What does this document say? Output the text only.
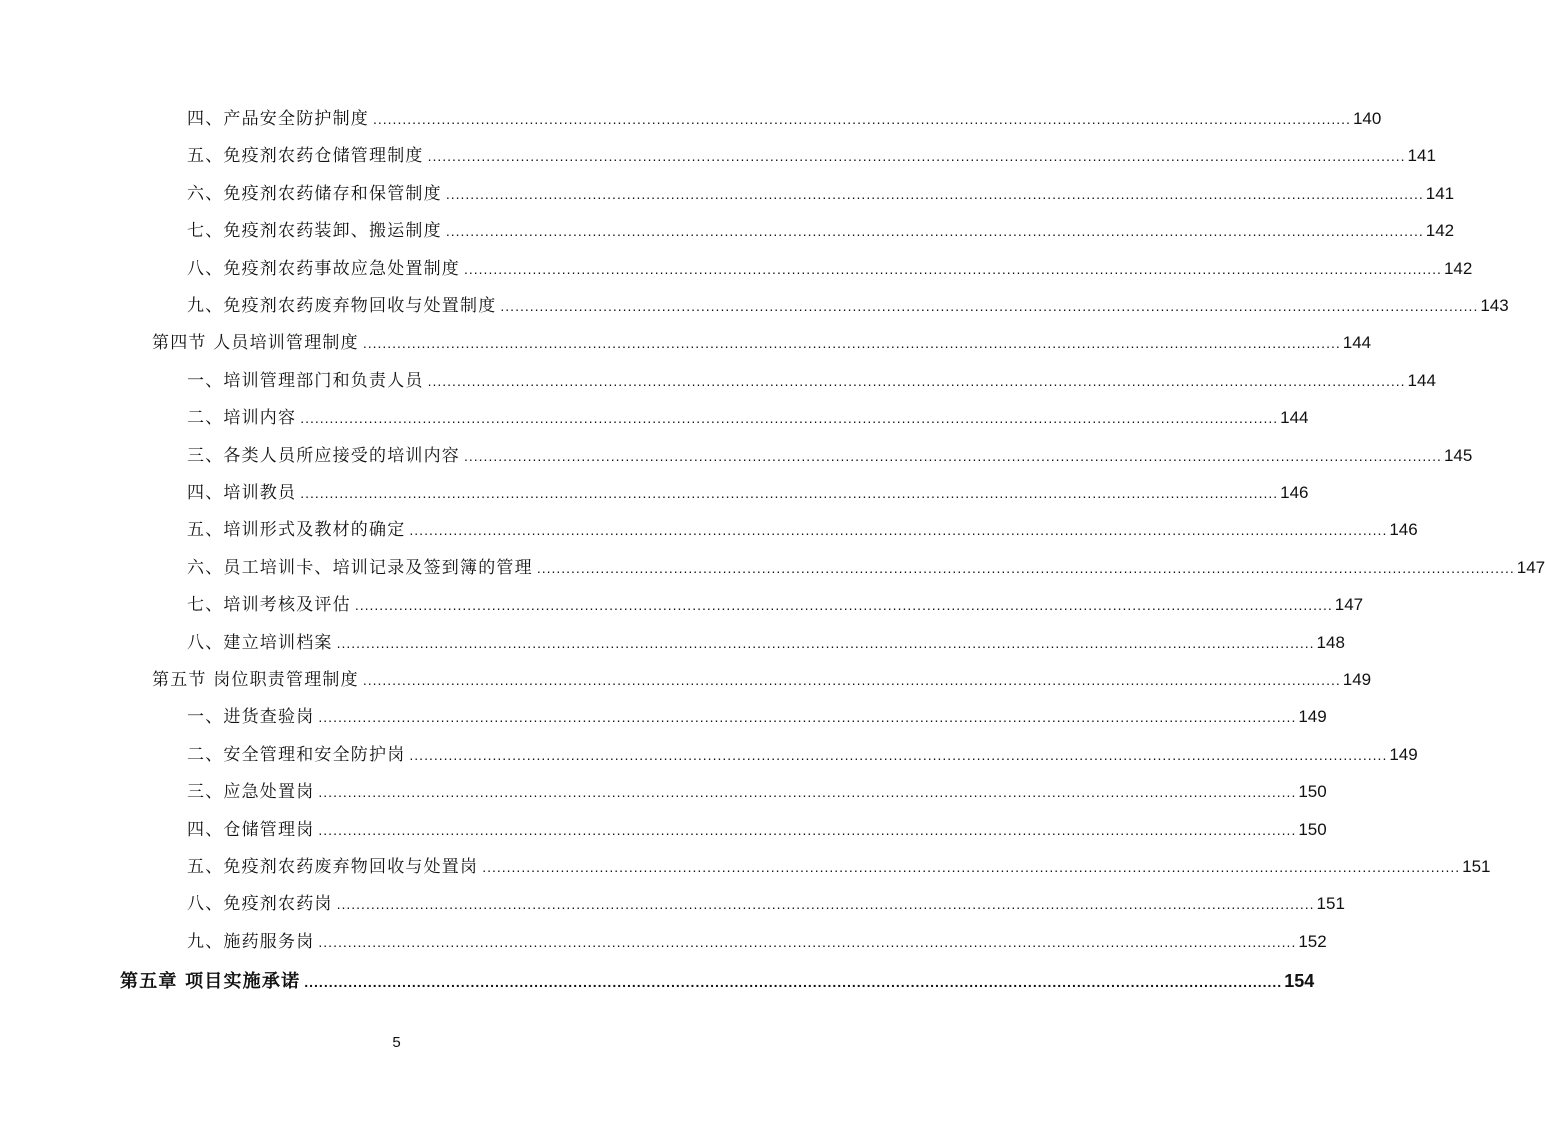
四、产品安全防护制度 ........................................................................................................................................................................................................ 140
五、免疫剂农药仓储管理制度 ........................................................................................................................................................................................................ 141
六、免疫剂农药储存和保管制度 ........................................................................................................................................................................................................ 141
七、免疫剂农药装卸、搬运制度 ........................................................................................................................................................................................................ 142
八、免疫剂农药事故应急处置制度 ........................................................................................................................................................................................................ 142
九、免疫剂农药废弃物回收与处置制度 ........................................................................................................................................................................................................ 143
第四节 人员培训管理制度 ........................................................................................................................................................................................................ 144
一、培训管理部门和负责人员 ........................................................................................................................................................................................................ 144
二、培训内容 ........................................................................................................................................................................................................ 144
三、各类人员所应接受的培训内容 ........................................................................................................................................................................................................ 145
四、培训教员 ........................................................................................................................................................................................................ 146
五、培训形式及教材的确定 ........................................................................................................................................................................................................ 146
六、员工培训卡、培训记录及签到簿的管理 ........................................................................................................................................................................................................ 147
七、培训考核及评估 ........................................................................................................................................................................................................ 147
八、建立培训档案 ........................................................................................................................................................................................................ 148
第五节 岗位职责管理制度 ........................................................................................................................................................................................................ 149
一、进货查验岗 ........................................................................................................................................................................................................ 149
二、安全管理和安全防护岗 ........................................................................................................................................................................................................ 149
三、应急处置岗 ........................................................................................................................................................................................................ 150
四、仓储管理岗 ........................................................................................................................................................................................................ 150
五、免疫剂农药废弃物回收与处置岗 ........................................................................................................................................................................................................ 151
八、免疫剂农药岗 ........................................................................................................................................................................................................ 151
九、施药服务岗 ........................................................................................................................................................................................................ 152
第五章 项目实施承诺 ........................................................................................................................................................................................................ 154
5
